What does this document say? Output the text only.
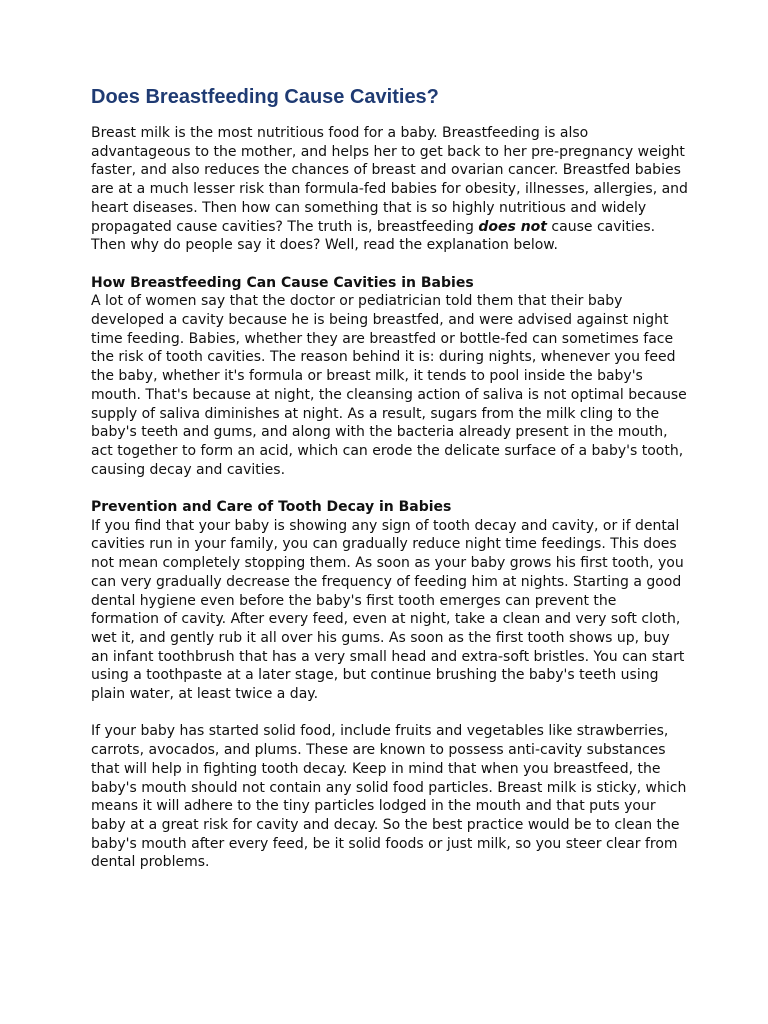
Does Breastfeeding Cause Cavities?

Breast milk is the most nutritious food for a baby. Breastfeeding is also advantageous to the mother, and helps her to get back to her pre-pregnancy weight faster, and also reduces the chances of breast and ovarian cancer. Breastfed babies are at a much lesser risk than formula-fed babies for obesity, illnesses, allergies, and heart diseases. Then how can something that is so highly nutritious and widely propagated cause cavities? The truth is, breastfeeding does not cause cavities. Then why do people say it does? Well, read the explanation below.

How Breastfeeding Can Cause Cavities in Babies
A lot of women say that the doctor or pediatrician told them that their baby developed a cavity because he is being breastfed, and were advised against night time feeding. Babies, whether they are breastfed or bottle-fed can sometimes face the risk of tooth cavities. The reason behind it is: during nights, whenever you feed the baby, whether it's formula or breast milk, it tends to pool inside the baby's mouth. That's because at night, the cleansing action of saliva is not optimal because supply of saliva diminishes at night. As a result, sugars from the milk cling to the baby's teeth and gums, and along with the bacteria already present in the mouth, act together to form an acid, which can erode the delicate surface of a baby's tooth, causing decay and cavities.

Prevention and Care of Tooth Decay in Babies
If you find that your baby is showing any sign of tooth decay and cavity, or if dental cavities run in your family, you can gradually reduce night time feedings. This does not mean completely stopping them. As soon as your baby grows his first tooth, you can very gradually decrease the frequency of feeding him at nights. Starting a good dental hygiene even before the baby's first tooth emerges can prevent the formation of cavity. After every feed, even at night, take a clean and very soft cloth, wet it, and gently rub it all over his gums. As soon as the first tooth shows up, buy an infant toothbrush that has a very small head and extra-soft bristles. You can start using a toothpaste at a later stage, but continue brushing the baby's teeth using plain water, at least twice a day.

If your baby has started solid food, include fruits and vegetables like strawberries, carrots, avocados, and plums. These are known to possess anti-cavity substances that will help in fighting tooth decay. Keep in mind that when you breastfeed, the baby's mouth should not contain any solid food particles. Breast milk is sticky, which means it will adhere to the tiny particles lodged in the mouth and that puts your baby at a great risk for cavity and decay. So the best practice would be to clean the baby's mouth after every feed, be it solid foods or just milk, so you steer clear from dental problems.
